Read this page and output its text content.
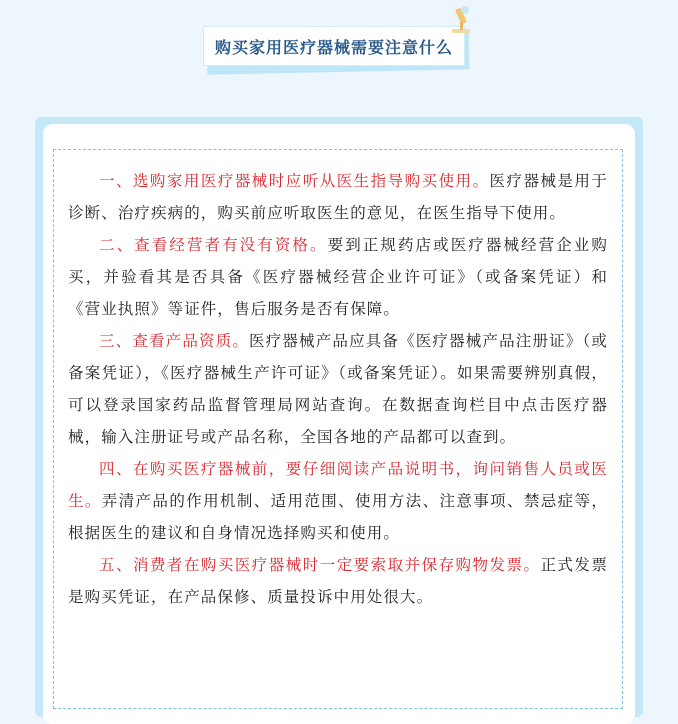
购买家用医疗器械需要注意什么

一、选购家用医疗器械时应听从医生指导购买使用。医疗器械是用于诊断、治疗疾病的，购买前应听取医生的意见，在医生指导下使用。

二、查看经营者有没有资格。要到正规药店或医疗器械经营企业购买，并验看其是否具备《医疗器械经营企业许可证》（或备案凭证）和《营业执照》等证件，售后服务是否有保障。

三、查看产品资质。医疗器械产品应具备《医疗器械产品注册证》（或备案凭证），《医疗器械生产许可证》（或备案凭证）。如果需要辨别真假，可以登录国家药品监督管理局网站查询。在数据查询栏目中点击医疗器械，输入注册证号或产品名称，全国各地的产品都可以查到。

四、在购买医疗器械前，要仔细阅读产品说明书，询问销售人员或医生。弄清产品的作用机制、适用范围、使用方法、注意事项、禁忌症等，根据医生的建议和自身情况选择购买和使用。

五、消费者在购买医疗器械时一定要索取并保存购物发票。正式发票是购买凭证，在产品保修、质量投诉中用处很大。
